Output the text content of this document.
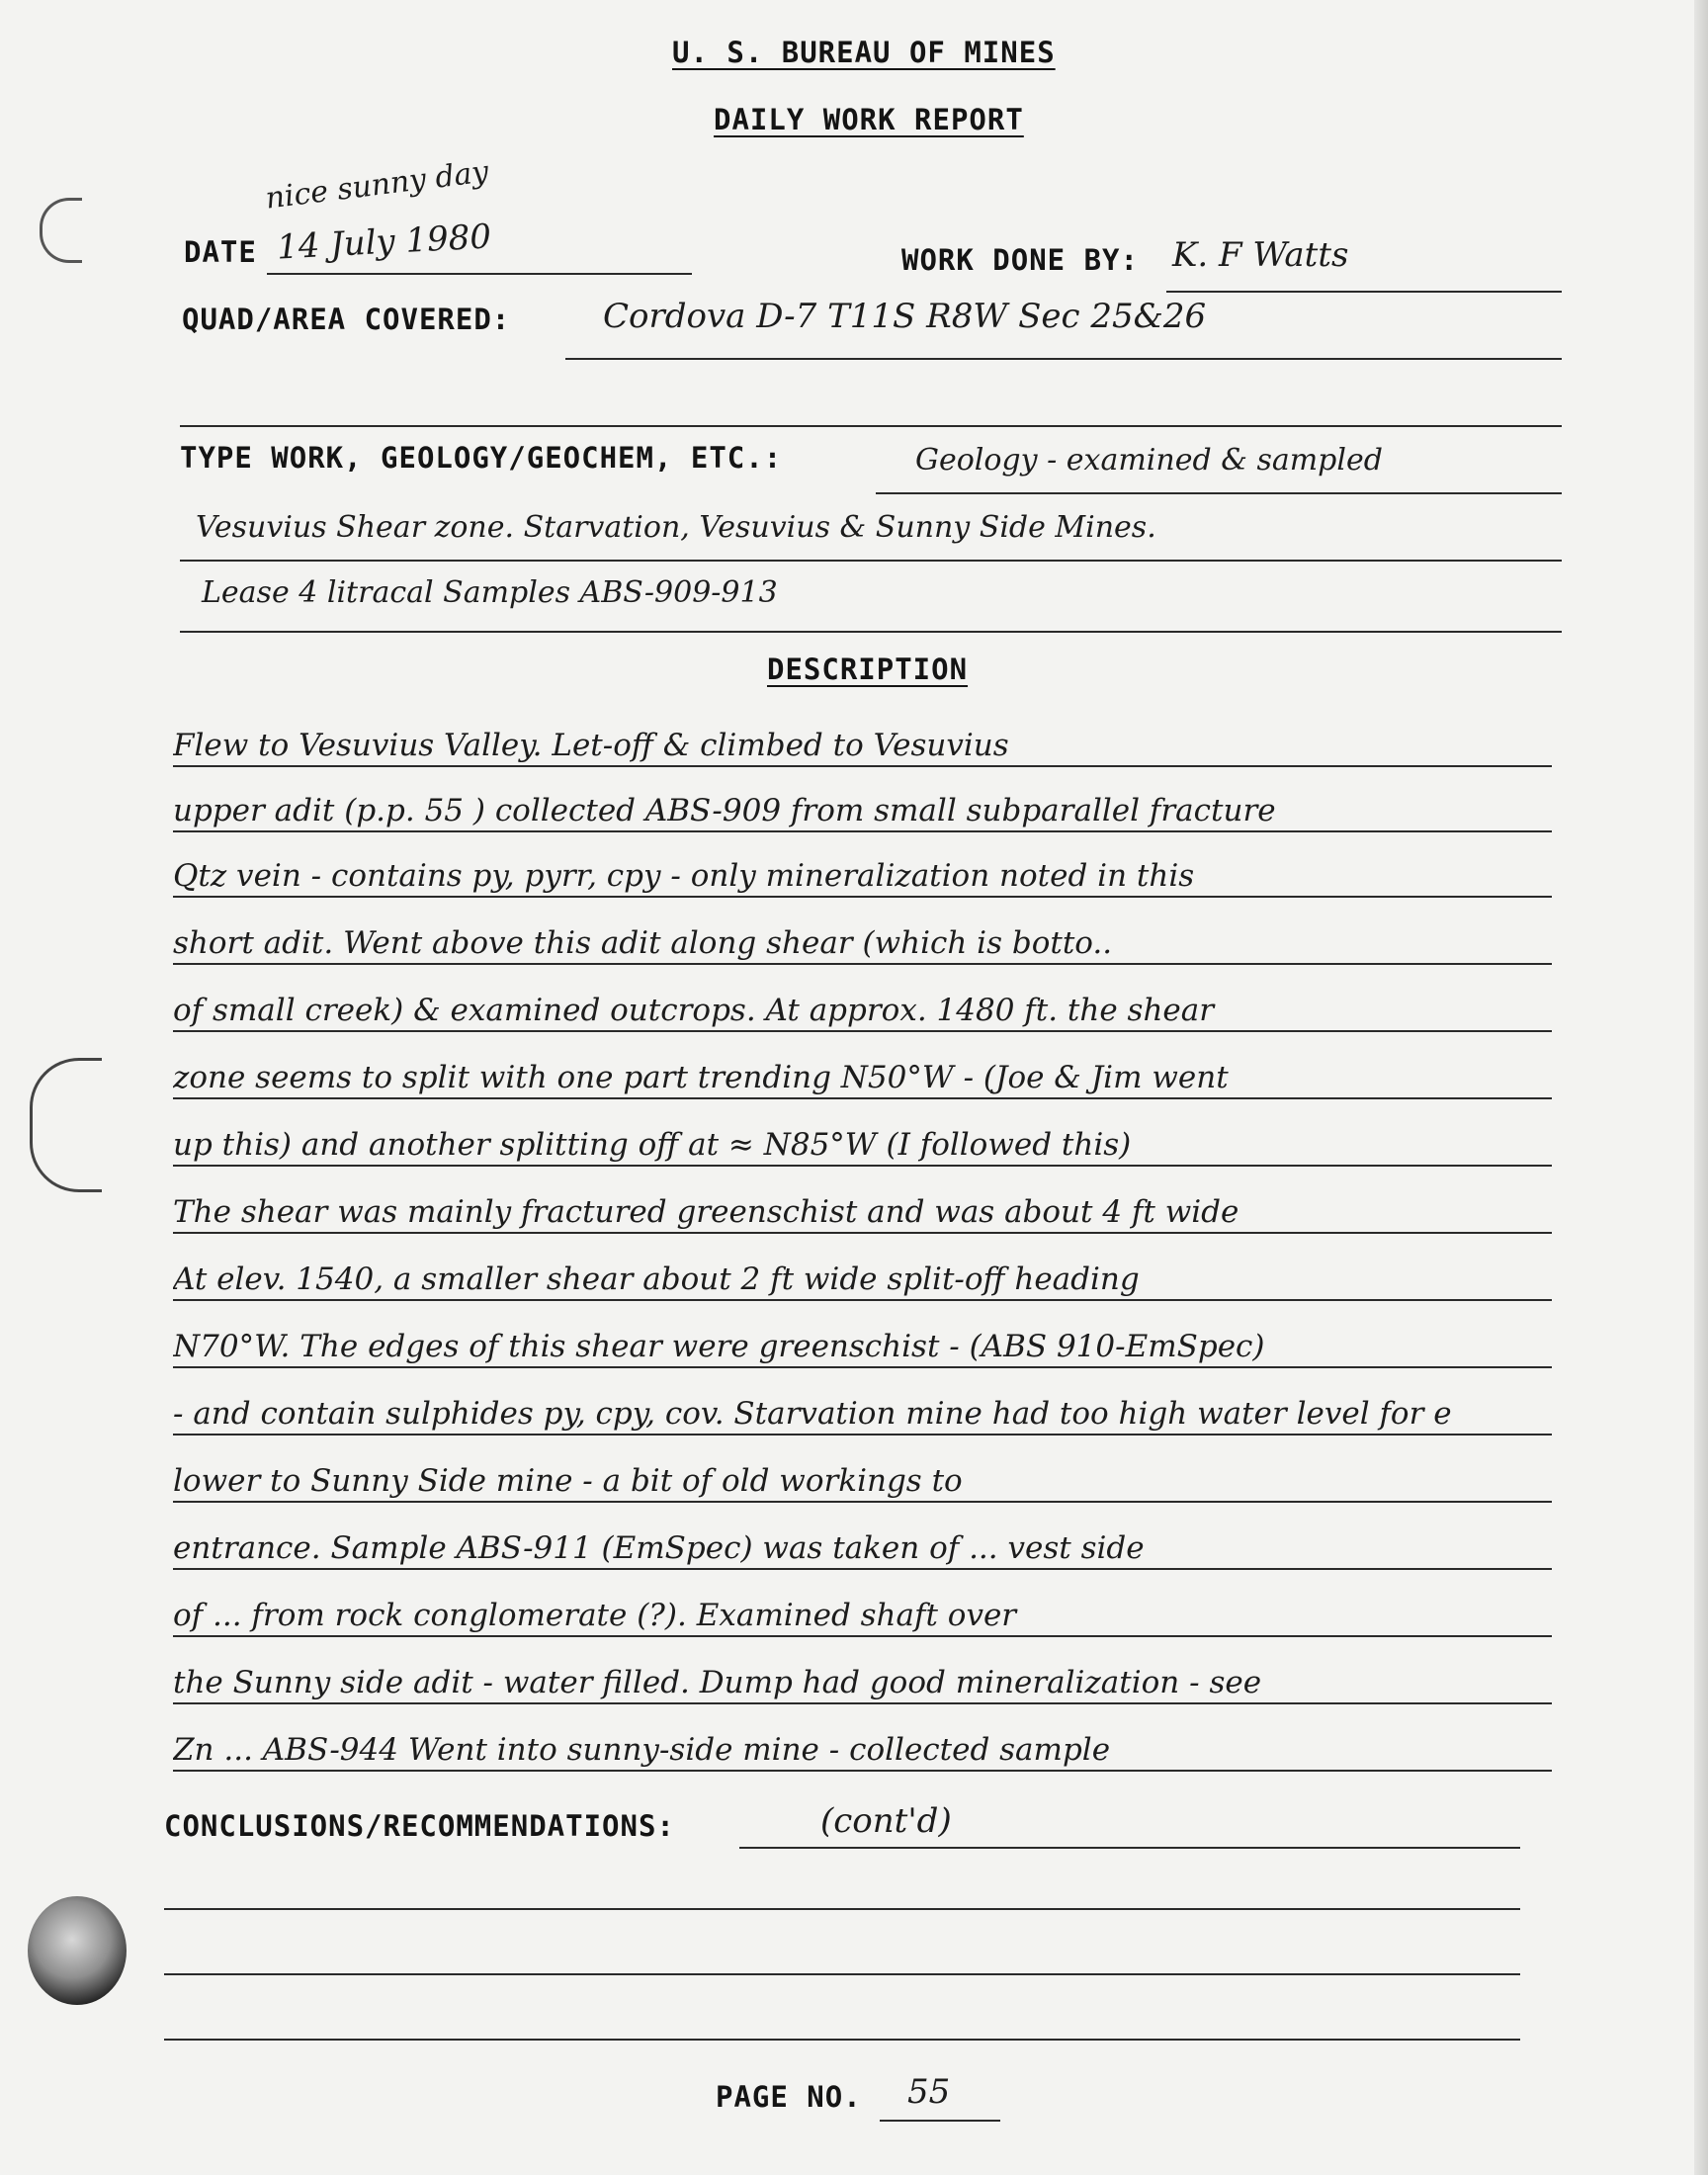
U. S. BUREAU OF MINES
DAILY WORK REPORT
nice sunny day
DATE 14 July 1980	WORK DONE BY: K. F Watts
QUAD/AREA COVERED:	Cordova D-7 T11S R8W Sec 25&26
TYPE WORK, GEOLOGY/GEOCHEM, ETC.:	Geology - examined & sampled
Vesuvius Shear zone. Starvation, Vesuvius & Sunny Side Mines.
Lease 4 litracal Samples ABS-909-913
DESCRIPTION
Flew to Vesuvius Valley. Let-off & climbed to Vesuvius
upper adit (p.p. 55 ) collected ABS-909 from small subparallel fracture
Qtz vein - contains py, pyrr, cpy - only mineralization noted in this
short adit. Went above this adit along shear (which is botto..
of small creek) & examined outcrops. At approx. 1480 ft. the shear
zone seems to split with one part trending N50°W - (Joe & Jim went
up this) and another splitting off at ≈ N85°W (I followed this)
The shear was mainly fractured greenschist and was about 4 ft wide
At elev. 1540, a smaller shear about 2 ft wide split-off heading
N70°W. The edges of this shear were greenschist - (ABS 910-EmSpec)
- and contain sulphides py, cpy, cov. Starvation mine had too high water level for e
lower to Sunny Side mine - a bit of old workings to
entrance. Sample ABS-911 (EmSpec) was taken of ... vest side
of ... from rock conglomerate (?). Examined shaft over
the Sunny side adit - water filled. Dump had good mineralization - see
Zn ... ABS-944 Went into sunny-side mine - collected sample
CONCLUSIONS/RECOMMENDATIONS:	(cont'd)
PAGE NO. 55
